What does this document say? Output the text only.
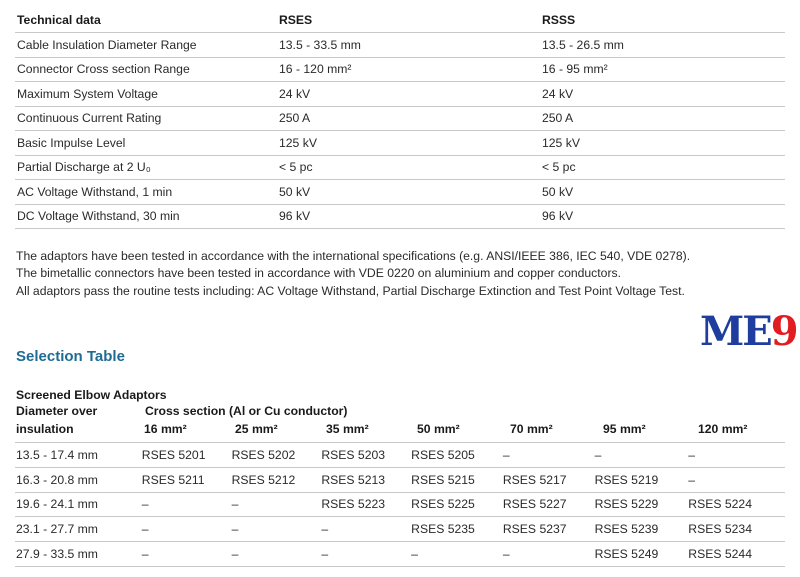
Technical data	RSES	RSSS
Cable Insulation Diameter Range	13.5 - 33.5 mm	13.5 - 26.5 mm
Connector Cross section Range	16 - 120 mm²	16 - 95 mm²
Maximum System Voltage	24 kV	24 kV
Continuous Current Rating	250 A	250 A
Basic Impulse Level	125 kV	125 kV
Partial Discharge at 2 U₀	< 5 pc	< 5 pc
AC Voltage Withstand, 1 min	50 kV	50 kV
DC Voltage Withstand, 30 min	96 kV	96 kV

The adaptors have been tested in accordance with the international specifications (e.g. ANSI/IEEE 386, IEC 540, VDE 0278).

The bimetallic connectors have been tested in accordance with VDE 0220 on aluminium and copper conductors.

All adaptors pass the routine tests including: AC Voltage Withstand, Partial Discharge Extinction and Test Point Voltage Test.

ME9
Selection Table
Screened Elbow Adaptors
Diameter over	Cross section (Al or Cu conductor)
insulation	16 mm²	25 mm²	35 mm²	50 mm²	70 mm²	95 mm²	120 mm²
13.5 - 17.4 mm	RSES 5201	RSES 5202	RSES 5203	RSES 5205	–	–	–
16.3 - 20.8 mm	RSES 5211	RSES 5212	RSES 5213	RSES 5215	RSES 5217	RSES 5219	–
19.6 - 24.1 mm	–	–	RSES 5223	RSES 5225	RSES 5227	RSES 5229	RSES 5224
23.1 - 27.7 mm	–	–	–	RSES 5235	RSES 5237	RSES 5239	RSES 5234
27.9 - 33.5 mm	–	–	–	–	–	RSES 5249	RSES 5244
